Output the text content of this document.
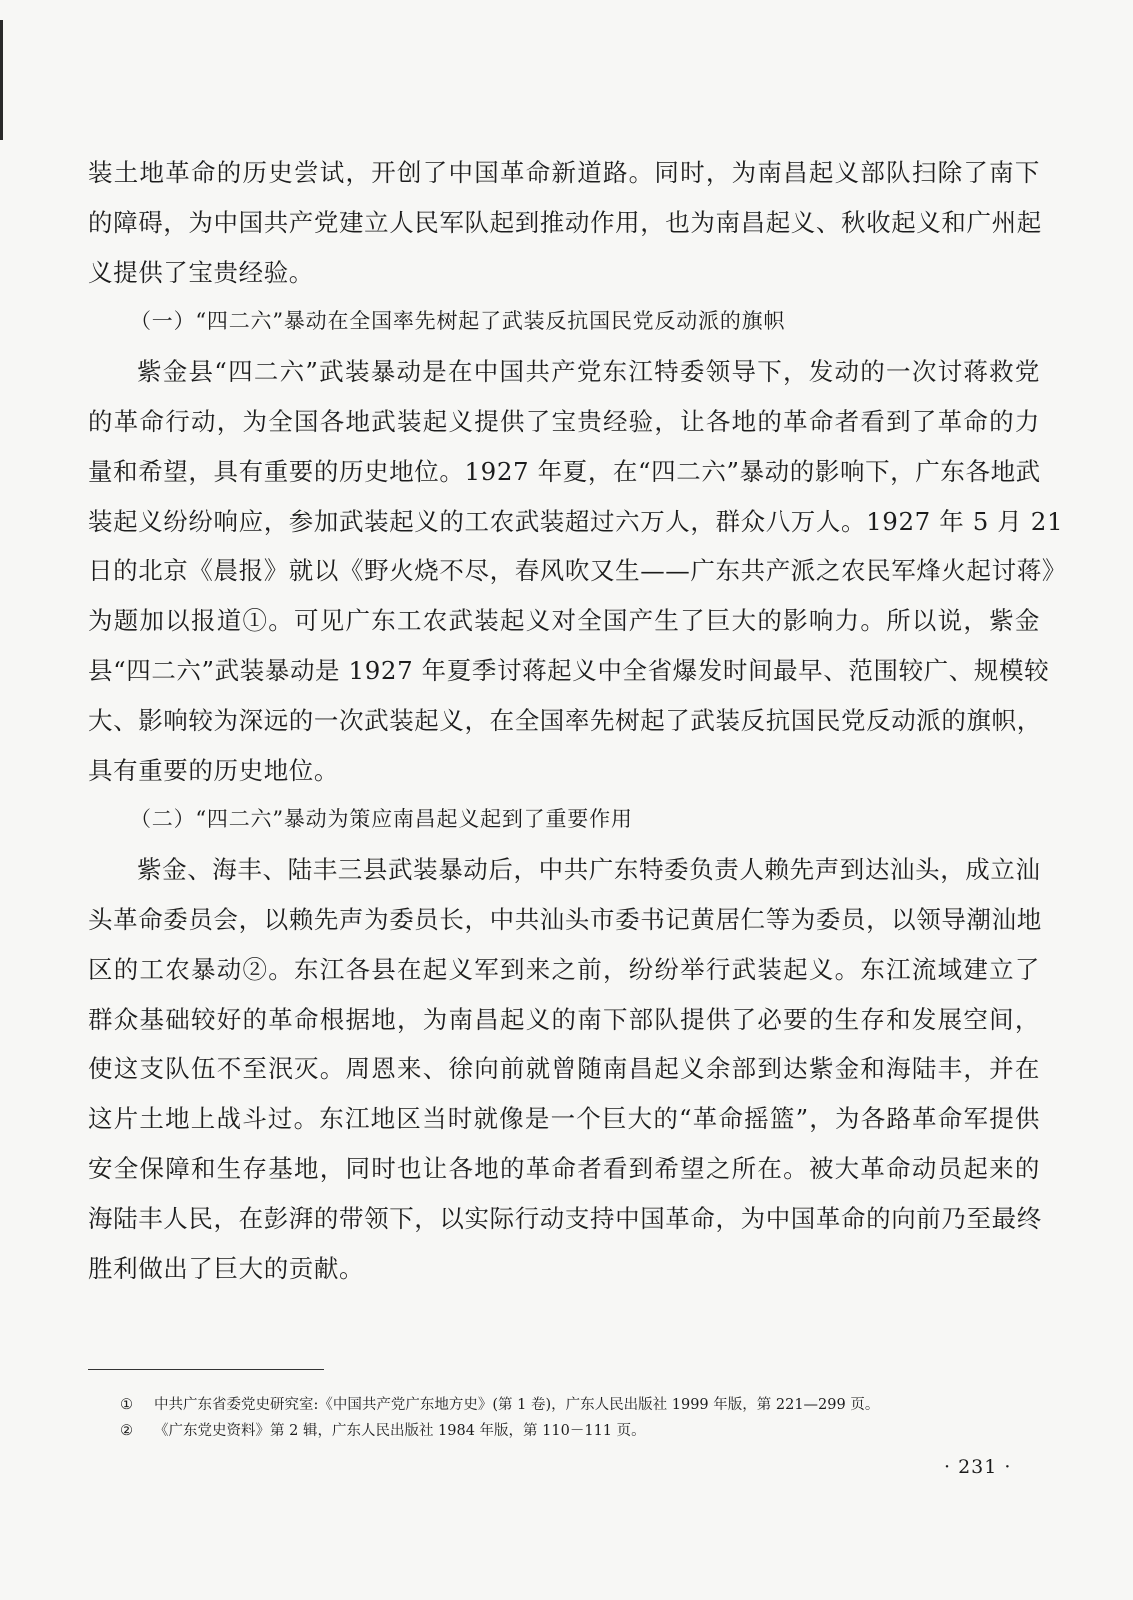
装土地革命的历史尝试，开创了中国革命新道路。同时，为南昌起义部队扫除了南下
的障碍，为中国共产党建立人民军队起到推动作用，也为南昌起义、秋收起义和广州起
义提供了宝贵经验。
（一）“四二六”暴动在全国率先树起了武装反抗国民党反动派的旗帜
紫金县“四二六”武装暴动是在中国共产党东江特委领导下，发动的一次讨蒋救党
的革命行动，为全国各地武装起义提供了宝贵经验，让各地的革命者看到了革命的力
量和希望，具有重要的历史地位。1927 年夏，在“四二六”暴动的影响下，广东各地武
装起义纷纷响应，参加武装起义的工农武装超过六万人，群众八万人。1927 年 5 月 21
日的北京《晨报》就以《野火烧不尽，春风吹又生——广东共产派之农民军烽火起讨蒋》
为题加以报道①。可见广东工农武装起义对全国产生了巨大的影响力。所以说，紫金
县“四二六”武装暴动是 1927 年夏季讨蒋起义中全省爆发时间最早、范围较广、规模较
大、影响较为深远的一次武装起义，在全国率先树起了武装反抗国民党反动派的旗帜，
具有重要的历史地位。
（二）“四二六”暴动为策应南昌起义起到了重要作用
紫金、海丰、陆丰三县武装暴动后，中共广东特委负责人赖先声到达汕头，成立汕
头革命委员会，以赖先声为委员长，中共汕头市委书记黄居仁等为委员，以领导潮汕地
区的工农暴动②。东江各县在起义军到来之前，纷纷举行武装起义。东江流域建立了
群众基础较好的革命根据地，为南昌起义的南下部队提供了必要的生存和发展空间，
使这支队伍不至泯灭。周恩来、徐向前就曾随南昌起义余部到达紫金和海陆丰，并在
这片土地上战斗过。东江地区当时就像是一个巨大的“革命摇篮”，为各路革命军提供
安全保障和生存基地，同时也让各地的革命者看到希望之所在。被大革命动员起来的
海陆丰人民，在彭湃的带领下，以实际行动支持中国革命，为中国革命的向前乃至最终
胜利做出了巨大的贡献。
① 中共广东省委党史研究室:《中国共产党广东地方史》(第 1 卷)，广东人民出版社 1999 年版，第 221—299 页。
② 《广东党史资料》第 2 辑，广东人民出版社 1984 年版，第 110－111 页。
· 231 ·
